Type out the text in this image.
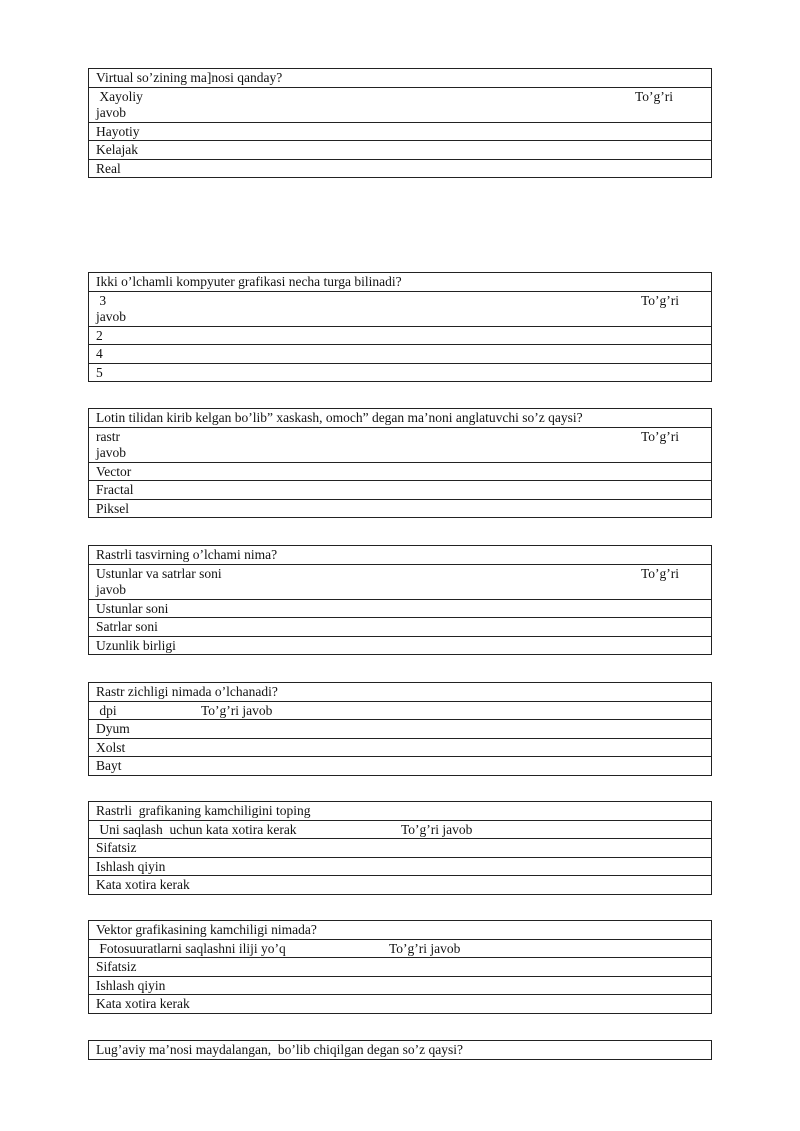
Virtual so’zining ma]nosi qanday?
Xayoliy	To’g’ri
javob
Hayotiy
Kelajak
Real
Ikki o’lchamli kompyuter grafikasi necha turga bilinadi?
3	To’g’ri
javob
2
4
5
Lotin tilidan kirib kelgan bo’lib” xaskash, omoch” degan ma’noni anglatuvchi so’z qaysi?
rastr	To’g’ri
javob
Vector
Fractal
Piksel
Rastrli tasvirning o’lchami nima?
Ustunlar va satrlar soni	To’g’ri
javob
Ustunlar soni
Satrlar soni
Uzunlik birligi
Rastr zichligi nimada o’lchanadi?
dpi	To’g’ri javob
Dyum
Xolst
Bayt
Rastrli  grafikaning kamchiligini toping
Uni saqlash  uchun kata xotira kerak	To’g’ri javob
Sifatsiz
Ishlash qiyin
Kata xotira kerak
Vektor grafikasining kamchiligi nimada?
Fotosuuratlarni saqlashni iliji yo’q	To’g’ri javob
Sifatsiz
Ishlash qiyin
Kata xotira kerak
Lug’aviy ma’nosi maydalangan,  bo’lib chiqilgan degan so’z qaysi?
